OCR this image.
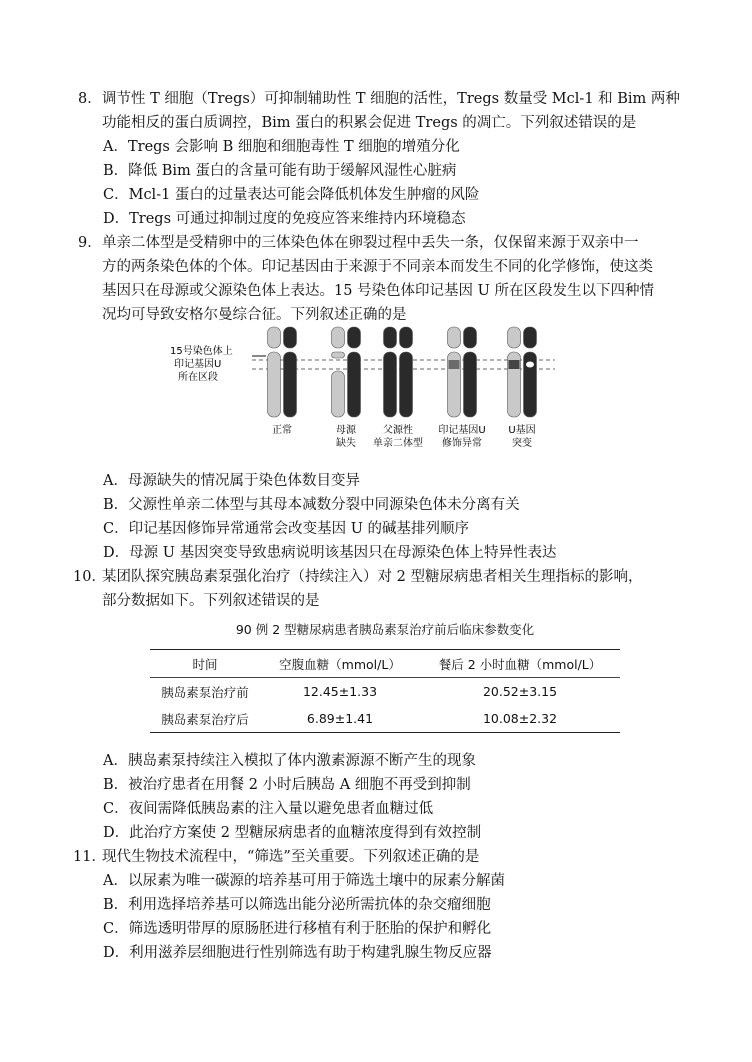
8． 调节性 T 细胞（Tregs）可抑制辅助性 T 细胞的活性，Tregs 数量受 Mcl-1 和 Bim 两种
功能相反的蛋白质调控，Bim 蛋白的积累会促进 Tregs 的凋亡。下列叙述错误的是
A．Tregs 会影响 B 细胞和细胞毒性 T 细胞的增殖分化
B．降低 Bim 蛋白的含量可能有助于缓解风湿性心脏病
C．Mcl-1 蛋白的过量表达可能会降低机体发生肿瘤的风险
D．Tregs 可通过抑制过度的免疫应答来维持内环境稳态
9． 单亲二体型是受精卵中的三体染色体在卵裂过程中丢失一条，仅保留来源于双亲中一
方的两条染色体的个体。印记基因由于来源于不同亲本而发生不同的化学修饰，使这类
基因只在母源或父源染色体上表达。15 号染色体印记基因 U 所在区段发生以下四种情
况均可导致安格尔曼综合征。下列叙述正确的是
15号染色体上
印记基因U
所在区段
正常	母源
缺失
父源性
单亲二体型
印记基因U
修饰异常
U基因
突变
A．母源缺失的情况属于染色体数目变异
B．父源性单亲二体型与其母本减数分裂中同源染色体未分离有关
C．印记基因修饰异常通常会改变基因 U 的碱基排列顺序
D．母源 U 基因突变导致患病说明该基因只在母源染色体上特异性表达
10．
某团队探究胰岛素泵强化治疗（持续注入）对 2 型糖尿病患者相关生理指标的影响，
部分数据如下。下列叙述错误的是
90 例 2 型糖尿病患者胰岛素泵治疗前后临床参数变化
时间	空腹血糖（mmol/L）	餐后 2 小时血糖（mmol/L）
胰岛素泵治疗前	12.45±1.33	20.52±3.15
胰岛素泵治疗后	6.89±1.41	10.08±2.32
A．胰岛素泵持续注入模拟了体内激素源源不断产生的现象
B．被治疗患者在用餐 2 小时后胰岛 A 细胞不再受到抑制
C．夜间需降低胰岛素的注入量以避免患者血糖过低
D．此治疗方案使 2 型糖尿病患者的血糖浓度得到有效控制
11．
现代生物技术流程中，“筛选”至关重要。下列叙述正确的是
A．以尿素为唯一碳源的培养基可用于筛选土壤中的尿素分解菌
B．利用选择培养基可以筛选出能分泌所需抗体的杂交瘤细胞
C．筛选透明带厚的原肠胚进行移植有利于胚胎的保护和孵化
D．利用滋养层细胞进行性别筛选有助于构建乳腺生物反应器
